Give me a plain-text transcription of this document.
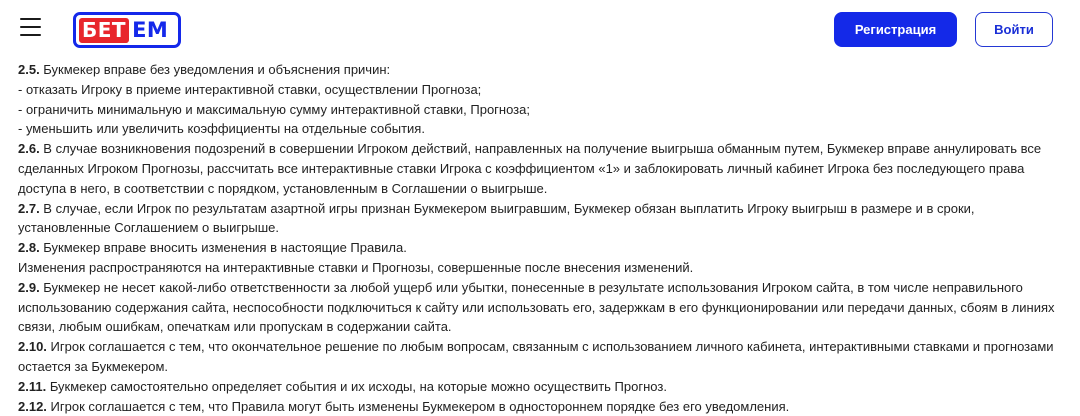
БЕТ ЕМ	Регистрация	Войти

2.5. Букмекер вправе без уведомления и объяснения причин:

- отказать Игроку в приеме интерактивной ставки, осуществлении Прогноза;

- ограничить минимальную и максимальную сумму интерактивной ставки, Прогноза;

- уменьшить или увеличить коэффициенты на отдельные события.

2.6. В случае возникновения подозрений в совершении Игроком действий, направленных на получение выигрыша обманным путем, Букмекер вправе аннулировать все сделанных Игроком Прогнозы, рассчитать все интерактивные ставки Игрока с коэффициентом «1» и заблокировать личный кабинет Игрока без последующего права доступа в него, в соответствии с порядком, установленным в Соглашении о выигрыше.

2.7. В случае, если Игрок по результатам азартной игры признан Букмекером выигравшим, Букмекер обязан выплатить Игроку выигрыш в размере и в сроки, установленные Соглашением о выигрыше.

2.8. Букмекер вправе вносить изменения в настоящие Правила.

Изменения распространяются на интерактивные ставки и Прогнозы, совершенные после внесения изменений.

2.9. Букмекер не несет какой-либо ответственности за любой ущерб или убытки, понесенные в результате использования Игроком сайта, в том числе неправильного использованию содержания сайта, неспособности подключиться к сайту или использовать его, задержкам в его функционировании или передачи данных, сбоям в линиях связи, любым ошибкам, опечаткам или пропускам в содержании сайта.

2.10. Игрок соглашается с тем, что окончательное решение по любым вопросам, связанным с использованием личного кабинета, интерактивными ставками и прогнозами остается за Букмекером.

2.11. Букмекер самостоятельно определяет события и их исходы, на которые можно осуществить Прогноз.

2.12. Игрок соглашается с тем, что Правила могут быть изменены Букмекером в одностороннем порядке без его уведомления.
